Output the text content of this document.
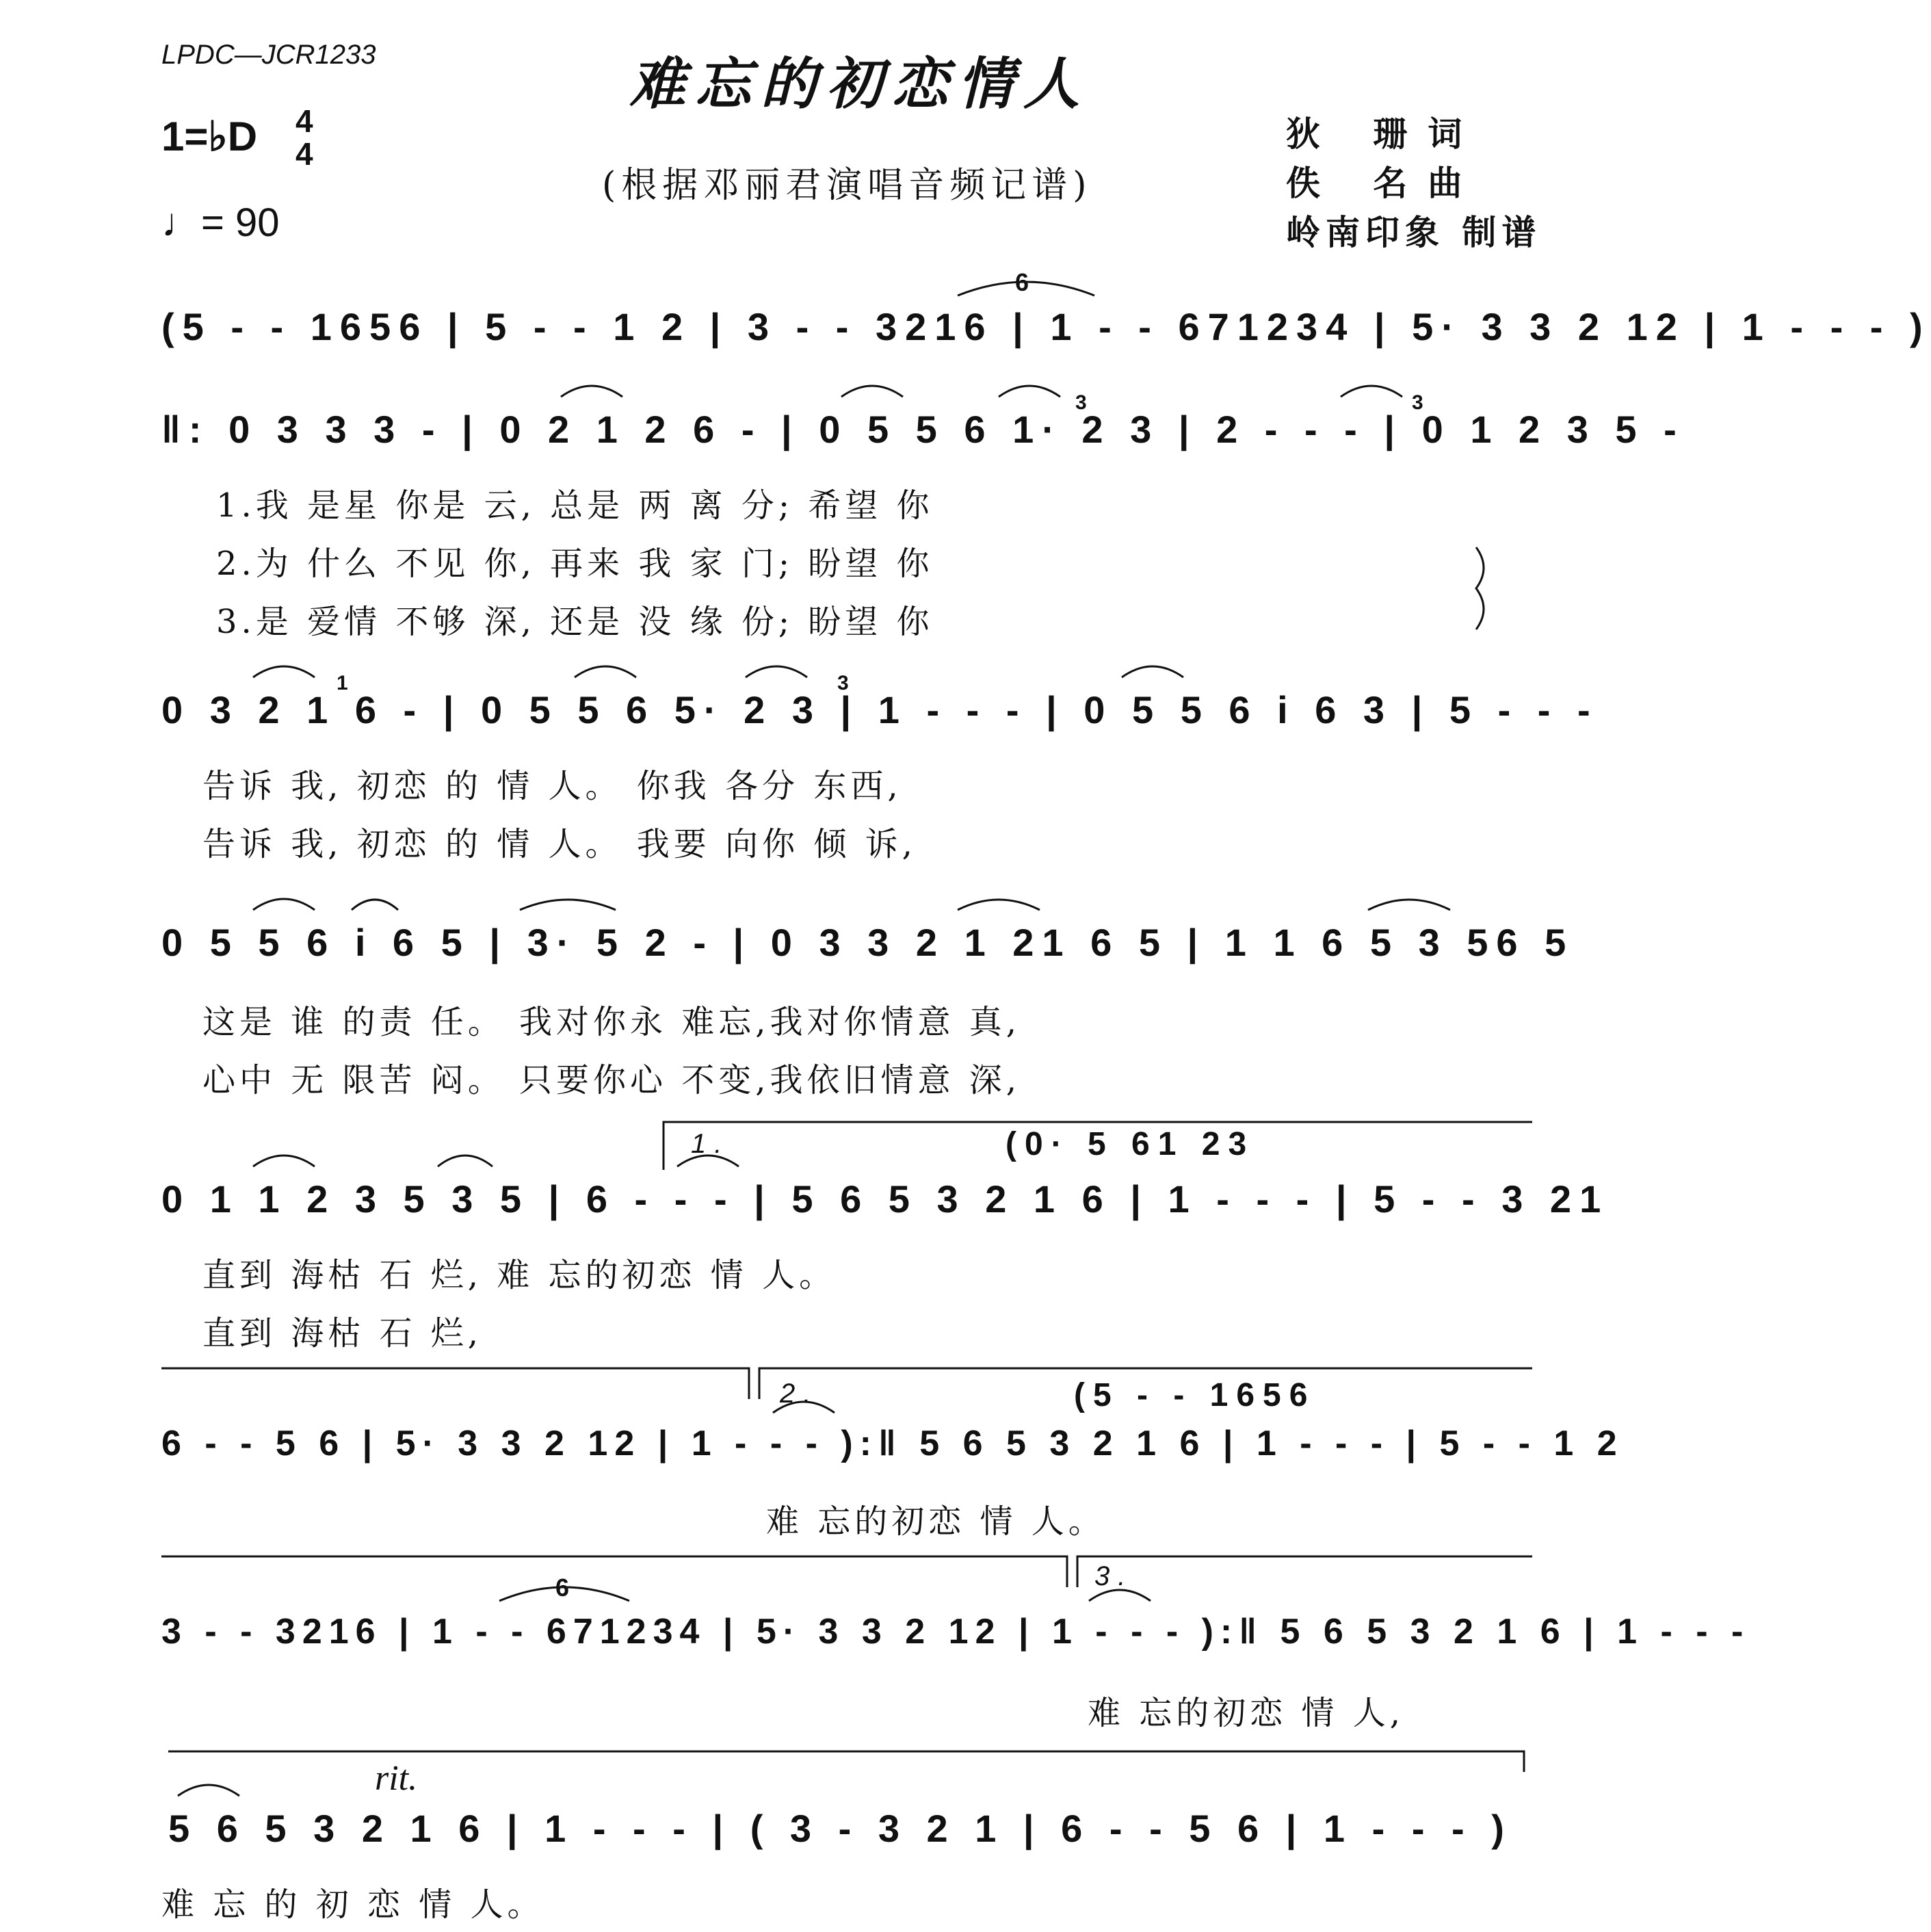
LPDC—JCR1233	难忘的初恋情人
1=♭D 4
4
♩= 90
(根据邓丽君演唱音频记谱)
狄 珊词
佚 名曲
岭南印象 制谱
(5 - - 1656 | 5 - - 1 2 | 3 - - 3216 | 1 - - 671234 | 5· 3 3 2 12 | 1 - - - )
6
‖: 0 3 3 3 - | 0 2 1 2 6 - | 0 5 5 6 1· 2 3 | 2 - - - | 0 1 2 3 5 -
3	3
1.我 是星 你是 云, 总是 两 离 分; 希望 你
2.为 什么 不见 你, 再来 我 家 门; 盼望 你
3.是 爱情 不够 深, 还是 没 缘 份; 盼望 你
0 3 2 1 6 - | 0 5 5 6 5· 2 3 | 1 - - - | 0 5 5 6 i 6 3 | 5 - - -
1	3
告诉 我, 初恋 的 情 人。 你我 各分 东西,
告诉 我, 初恋 的 情 人。 我要 向你 倾 诉,
0 5 5 6 i 6 5 | 3· 5 2 - | 0 3 3 2 1 21 6 5 | 1 1 6 5 3 56 5
这是 谁 的责 任。 我对你永 难忘,我对你情意 真,
心中 无 限苦 闷。 只要你心 不变,我依旧情意 深,
1.	(0· 5 61 23
0 1 1 2 3 5 3 5 | 6 - - - | 5 6 5 3 2 1 6 | 1 - - - | 5 - - 3 21
直到 海枯 石 烂, 难 忘的初恋 情 人。
直到 海枯 石 烂,
2.	(5 - - 1656
6 - - 5 6 | 5· 3 3 2 12 | 1 - - - ):‖ 5 6 5 3 2 1 6 | 1 - - - | 5 - - 1 2
难 忘的初恋 情 人。
3.
6
3 - - 3216 | 1 - - 671234 | 5· 3 3 2 12 | 1 - - - ):‖ 5 6 5 3 2 1 6 | 1 - - -
难 忘的初恋 情 人,
rit.
5 6 5 3 2 1 6 | 1 - - - | ( 3 - 3 2 1 | 6 - - 5 6 | 1 - - - )
难 忘 的 初 恋 情 人。
